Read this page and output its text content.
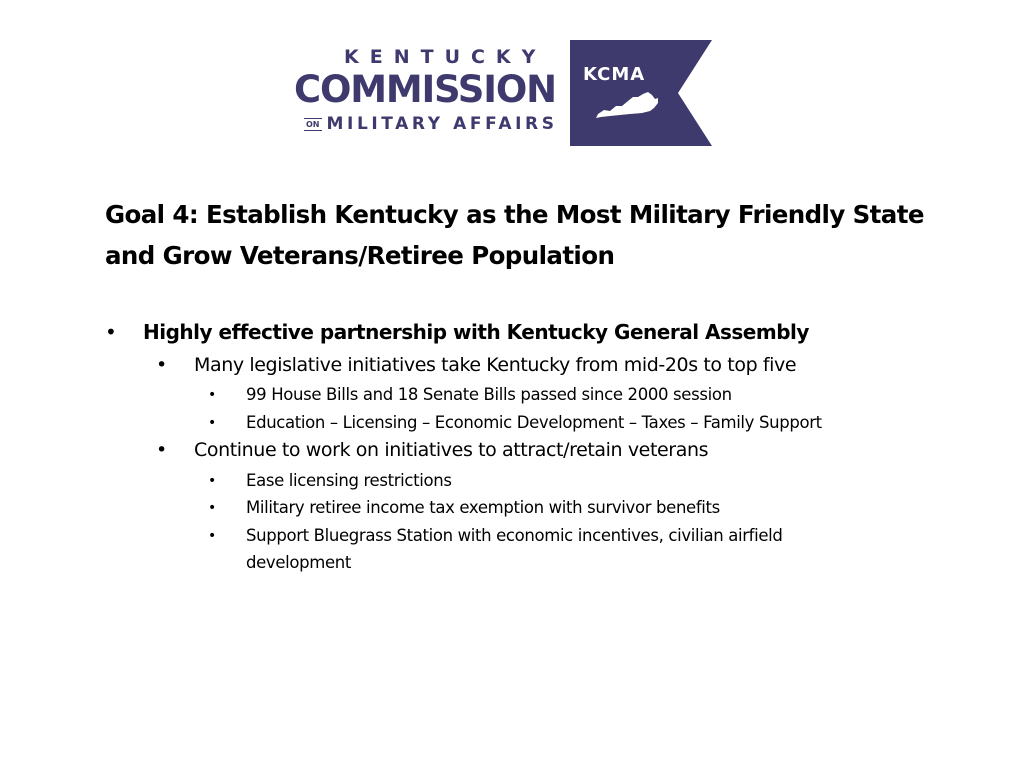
KENTUCKY
COMMISSION
ON MILITARY AFFAIRS
KCMA
Goal 4: Establish Kentucky as the Most Military Friendly State
and Grow Veterans/Retiree Population
• Highly effective partnership with Kentucky General Assembly
• Many legislative initiatives take Kentucky from mid-20s to top five
• 99 House Bills and 18 Senate Bills passed since 2000 session
• Education – Licensing – Economic Development – Taxes – Family Support
• Continue to work on initiatives to attract/retain veterans
• Ease licensing restrictions
• Military retiree income tax exemption with survivor benefits
• Support Bluegrass Station with economic incentives, civilian airfield
development
